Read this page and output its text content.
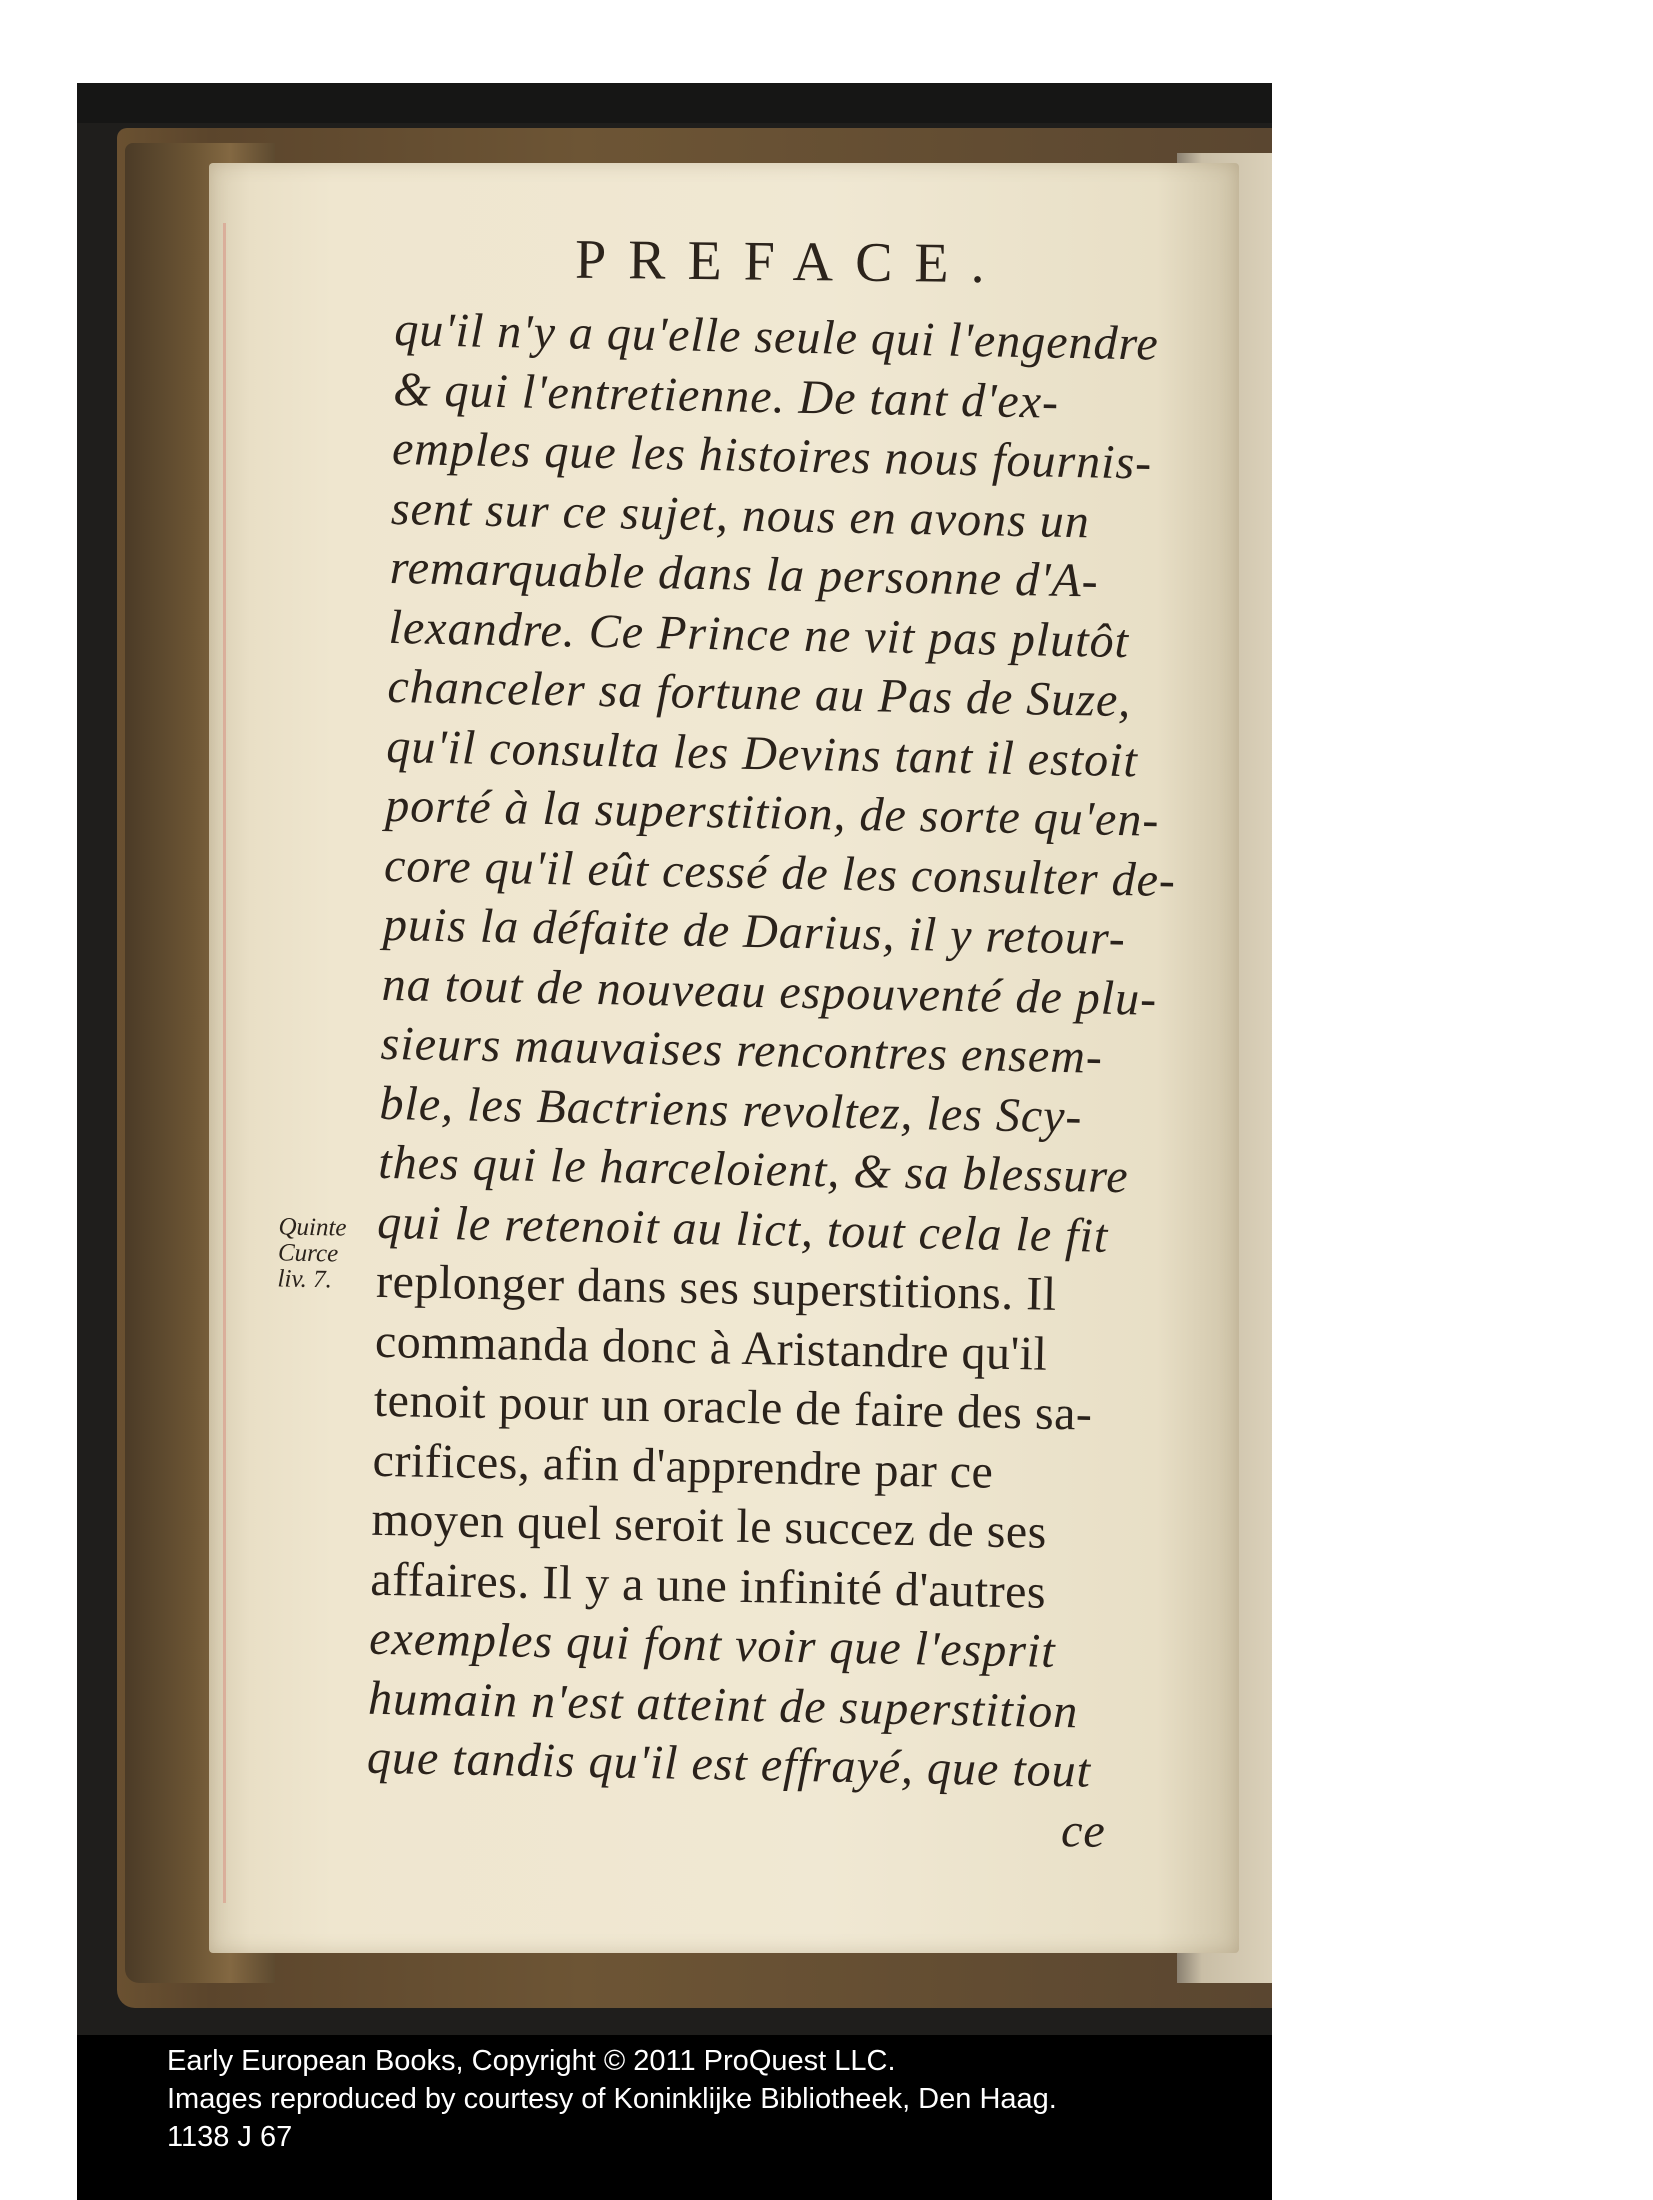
PREFACE.
qu'il n'y a qu'elle seule qui l'engendre
& qui l'entretienne. De tant d'ex-
emples que les histoires nous fournis-
sent sur ce sujet, nous en avons un
remarquable dans la personne d'A-
lexandre. Ce Prince ne vit pas plutôt
chanceler sa fortune au Pas de Suze,
qu'il consulta les Devins tant il estoit
porté à la superstition, de sorte qu'en-
core qu'il eût cessé de les consulter de-
puis la défaite de Darius, il y retour-
na tout de nouveau espouventé de plu-
sieurs mauvaises rencontres ensem-
ble, les Bactriens revoltez, les Scy-
thes qui le harceloient, & sa blessure
qui le retenoit au lict, tout cela le fit
replonger dans ses superstitions. Il
commanda donc à Aristandre qu'il
tenoit pour un oracle de faire des sa-
crifices, afin d'apprendre par ce
moyen quel seroit le succez de ses
affaires. Il y a une infinité d'autres
exemples qui font voir que l'esprit
humain n'est atteint de superstition
que tandis qu'il est effrayé, que tout
ce
Quinte
Curce
liv. 7.
Early European Books, Copyright © 2011 ProQuest LLC.
Images reproduced by courtesy of Koninklijke Bibliotheek, Den Haag.
1138 J 67
